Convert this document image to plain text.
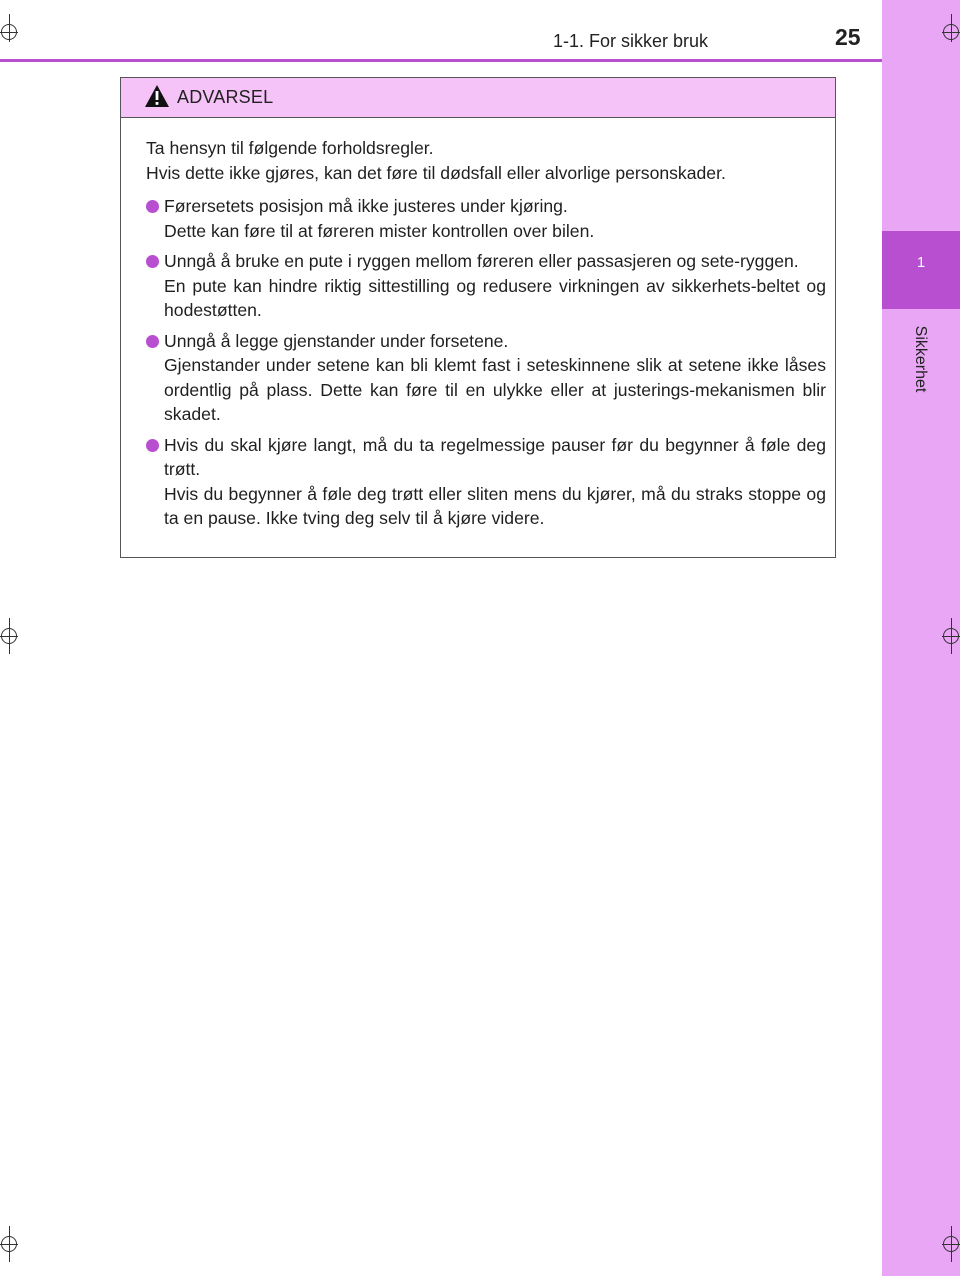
1
Sikkerhet
1-1. For sikker bruk	25
ADVARSEL

Ta hensyn til følgende forholdsregler.

Hvis dette ikke gjøres, kan det føre til dødsfall eller alvorlige personskader.

Førersetets posisjon må ikke justeres under kjøring.

Dette kan føre til at føreren mister kontrollen over bilen.

Unngå å bruke en pute i ryggen mellom føreren eller passasjeren og sete-ryggen.

En pute kan hindre riktig sittestilling og redusere virkningen av sikkerhets-beltet og hodestøtten.

Unngå å legge gjenstander under forsetene.

Gjenstander under setene kan bli klemt fast i seteskinnene slik at setene ikke låses ordentlig på plass. Dette kan føre til en ulykke eller at justerings-mekanismen blir skadet.

Hvis du skal kjøre langt, må du ta regelmessige pauser før du begynner å føle deg trøtt.

Hvis du begynner å føle deg trøtt eller sliten mens du kjører, må du straks stoppe og ta en pause. Ikke tving deg selv til å kjøre videre.

carmanualsonline.info
